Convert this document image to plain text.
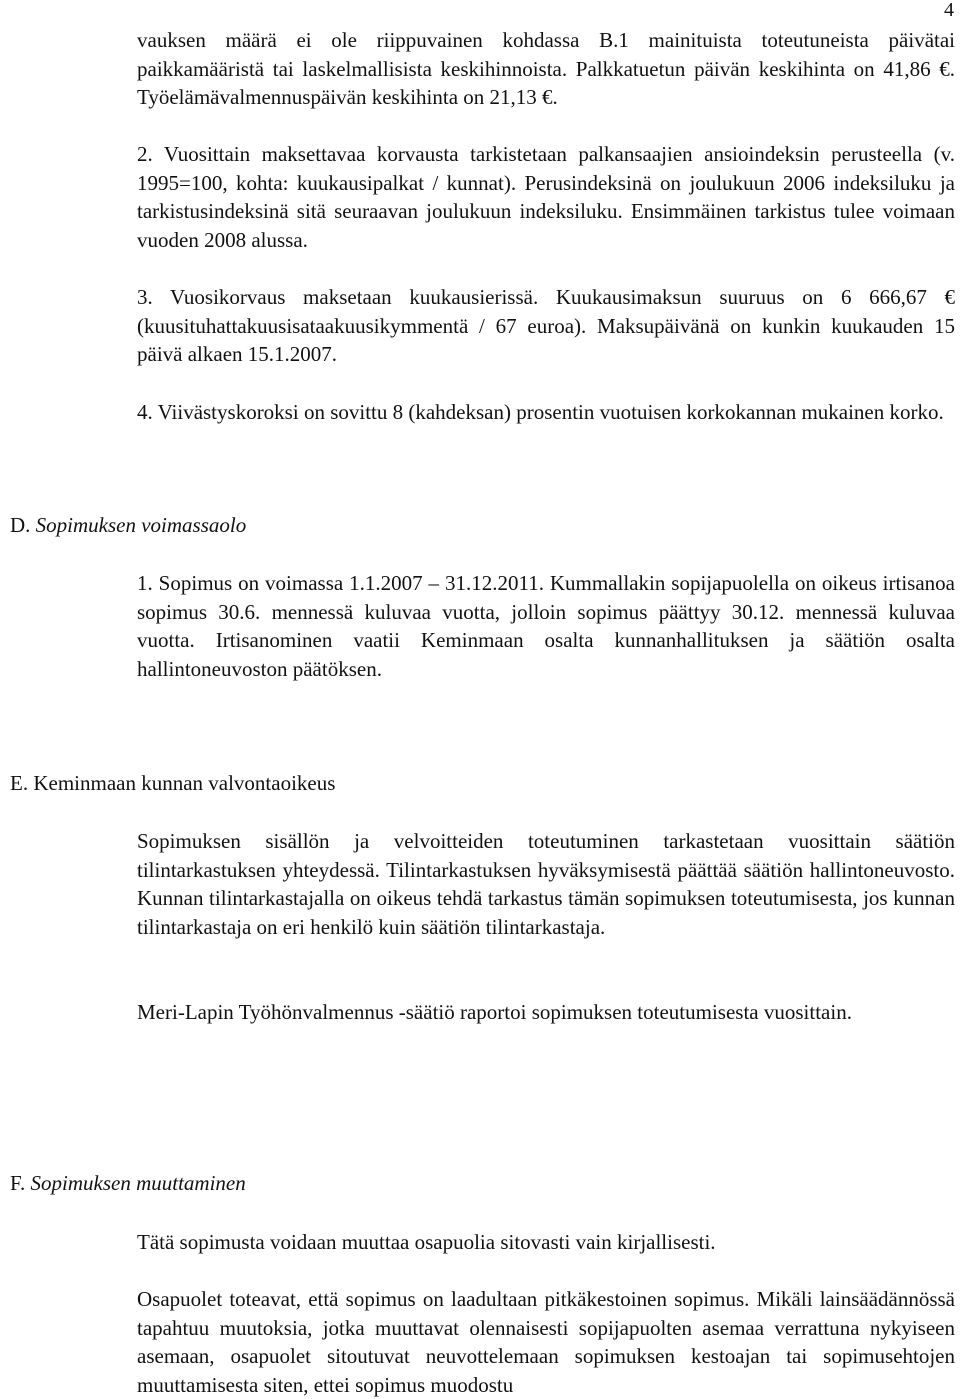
4

vauksen määrä ei ole riippuvainen kohdassa B.1 mainituista toteutuneista päivätai paikkamääristä tai laskelmallisista keskihinnoista. Palkkatuetun päivän keskihinta on 41,86 €. Työelämävalmennuspäivän keskihinta on 21,13 €.

2. Vuosittain maksettavaa korvausta tarkistetaan palkansaajien ansioindeksin perusteella (v. 1995=100, kohta: kuukausipalkat / kunnat). Perusindeksinä on joulukuun 2006 indeksiluku ja tarkistusindeksinä sitä seuraavan joulukuun indeksiluku. Ensimmäinen tarkistus tulee voimaan vuoden 2008 alussa.

3. Vuosikorvaus maksetaan kuukausierissä. Kuukausimaksun suuruus on 6 666,67 € (kuusituhattakuusisataakuusikymmentä / 67 euroa). Maksupäivänä on kunkin kuukauden 15 päivä alkaen 15.1.2007.

4. Viivästyskoroksi on sovittu 8 (kahdeksan) prosentin vuotuisen korkokannan mukainen korko.

D. Sopimuksen voimassaolo

1. Sopimus on voimassa 1.1.2007 – 31.12.2011. Kummallakin sopijapuolella on oikeus irtisanoa sopimus 30.6. mennessä kuluvaa vuotta, jolloin sopimus päättyy 30.12. mennessä kuluvaa vuotta. Irtisanominen vaatii Keminmaan osalta kunnanhallituksen ja säätiön osalta hallintoneuvoston päätöksen.

E. Keminmaan kunnan valvontaoikeus

Sopimuksen sisällön ja velvoitteiden toteutuminen tarkastetaan vuosittain säätiön tilintarkastuksen yhteydessä. Tilintarkastuksen hyväksymisestä päättää säätiön hallintoneuvosto. Kunnan tilintarkastajalla on oikeus tehdä tarkastus tämän sopimuksen toteutumisesta, jos kunnan tilintarkastaja on eri henkilö kuin säätiön tilintarkastaja.

Meri-Lapin Työhönvalmennus -säätiö raportoi sopimuksen toteutumisesta vuosittain.

F. Sopimuksen muuttaminen

Tätä sopimusta voidaan muuttaa osapuolia sitovasti vain kirjallisesti.

Osapuolet toteavat, että sopimus on laadultaan pitkäkestoinen sopimus. Mikäli lainsäädännössä tapahtuu muutoksia, jotka muuttavat olennaisesti sopijapuolten asemaa verrattuna nykyiseen asemaan, osapuolet sitoutuvat neuvottelemaan sopimuksen kestoajan tai sopimusehtojen muuttamisesta siten, ettei sopimus muodostu
